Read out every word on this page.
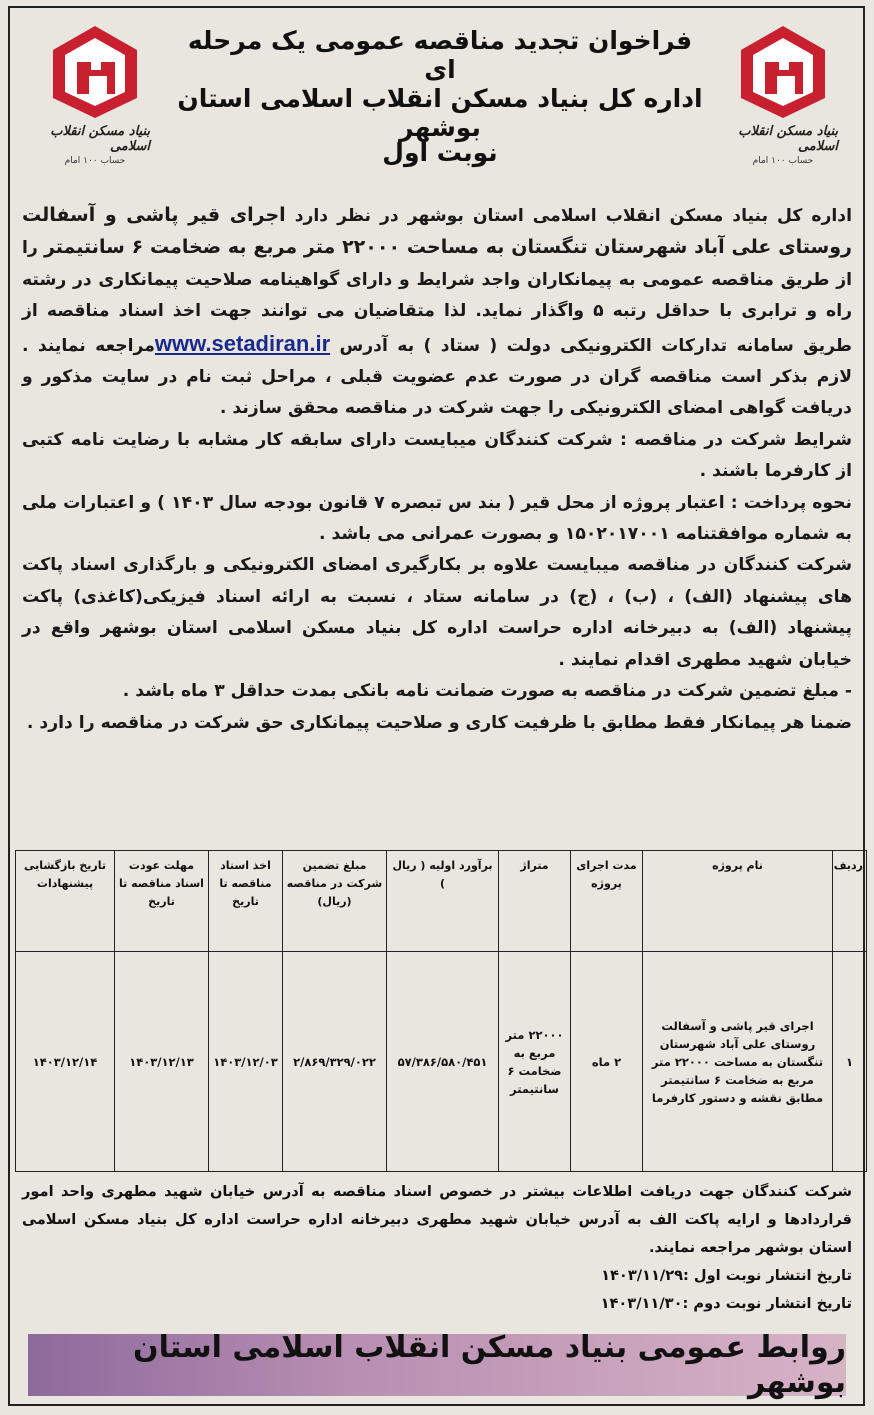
بنیاد مسکن انقلاب اسلامی
حساب ۱۰۰ امام
بنیاد مسکن انقلاب اسلامی
حساب ۱۰۰ امام
فراخوان تجدید مناقصه عمومی یک مرحله ای
اداره کل بنیاد مسکن انقلاب اسلامی استان بوشهر
نوبت اول

اداره کل بنیاد مسکن انقلاب اسلامی استان بوشهر در نظر دارد اجرای قیر پاشی و آسفالت روستای علی آباد شهرستان تنگستان به مساحت ۲۲۰۰۰ متر مربع به ضخامت ۶ سانتیمتر را از طریق مناقصه عمومی به پیمانکاران واجد شرایط و دارای گواهینامه صلاحیت پیمانکاری در رشته راه و ترابری با حداقل رتبه ۵ واگذار نماید. لذا متقاضیان می توانند جهت اخذ اسناد مناقصه از طریق سامانه تدارکات الکترونیکی دولت ( ستاد ) به آدرس www.setadiran.irمراجعه نمایند . لازم بذکر است مناقصه گران در صورت عدم عضویت قبلی ، مراحل ثبت نام در سایت مذکور و دریافت گواهی امضای الکترونیکی را جهت شرکت در مناقصه محقق سازند .

شرایط شرکت در مناقصه : شرکت کنندگان میبایست دارای سابقه کار مشابه با رضایت نامه کتبی از کارفرما باشند .

نحوه پرداخت : اعتبار پروژه از محل قیر ( بند س تبصره ۷ قانون بودجه سال ۱۴۰۳ ) و اعتبارات ملی به شماره موافقتنامه ۱۵۰۲۰۱۷۰۰۱ و بصورت عمرانی می باشد .

شرکت کنندگان در مناقصه میبایست علاوه بر بکارگیری امضای الکترونیکی و بارگذاری اسناد پاکت های پیشنهاد (الف) ، (ب) ، (ج) در سامانه ستاد ، نسبت به ارائه اسناد فیزیکی(کاغذی) پاکت پیشنهاد (الف) به دبیرخانه اداره حراست اداره کل بنیاد مسکن اسلامی استان بوشهر واقع در خیابان شهید مطهری اقدام نمایند .

- مبلغ تضمین شرکت در مناقصه به صورت ضمانت نامه بانکی بمدت حداقل ۳ ماه باشد .

ضمنا هر پیمانکار فقط مطابق با ظرفیت کاری و صلاحیت پیمانکاری حق شرکت در مناقصه را دارد .

ردیف	نام پروژه	مدت اجرای پروژه	متراژ	برآورد اولیه ( ریال )	مبلغ تضمین شرکت در مناقصه (ریال)	اخذ اسناد مناقصه تا تاریخ	مهلت عودت اسناد مناقصه تا تاریخ	تاریخ بازگشایی پیشنهادات
۱	اجرای قیر پاشی و آسفالت روستای علی آباد شهرستان تنگستان به مساحت ۲۲۰۰۰ متر مربع به ضخامت ۶ سانتیمتر مطابق نقشه و دستور کارفرما	۲ ماه	۲۲۰۰۰ متر مربع به ضخامت ۶ سانتیمتر	۵۷/۳۸۶/۵۸۰/۴۵۱	۲/۸۶۹/۳۲۹/۰۲۲	۱۴۰۳/۱۲/۰۳	۱۴۰۳/۱۲/۱۳	۱۴۰۳/۱۲/۱۴

شرکت کنندگان جهت دریافت اطلاعات بیشتر در خصوص اسناد مناقصه به آدرس خیابان شهید مطهری واحد امور قراردادها و ارایه پاکت الف به آدرس خیابان شهید مطهری دبیرخانه اداره حراست اداره کل بنیاد مسکن اسلامی استان بوشهر مراجعه نمایند.

تاریخ انتشار نوبت اول :۱۴۰۳/۱۱/۲۹

تاریخ انتشار نوبت دوم :۱۴۰۳/۱۱/۳۰

روابط عمومی بنیاد مسکن انقلاب اسلامی استان بوشهر
